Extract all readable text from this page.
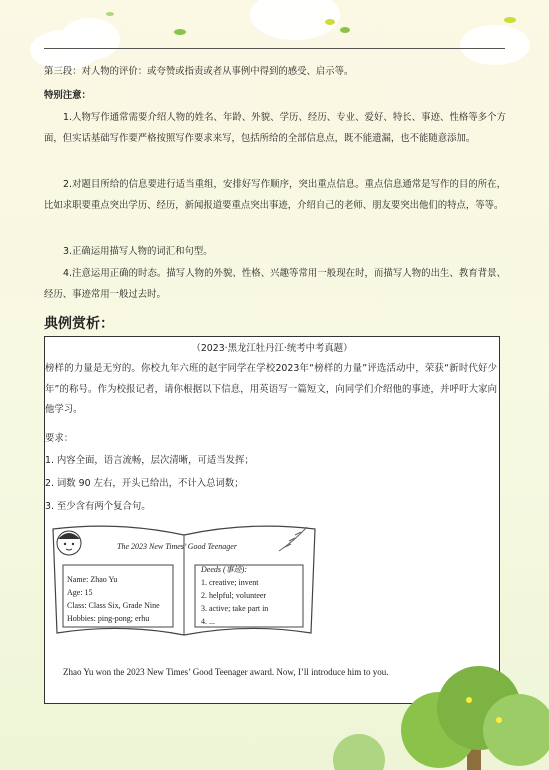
第三段：对人物的评价：或夸赞或指责或者从事例中得到的感受、启示等。
特别注意：
1.人物写作通常需要介绍人物的姓名、年龄、外貌、学历、经历、专业、爱好、特长、事迹、性格等多个方面，但实话基础写作要严格按照写作要求来写，包括所给的全部信息点，既不能遗漏，也不能随意添加。
2.对题目所给的信息要进行适当重组，安排好写作顺序，突出重点信息。重点信息通常是写作的目的所在，比如求职要重点突出学历、经历，新闻报道要重点突出事迹，介绍自己的老师、朋友要突出他们的特点，等等。
3.正确运用描写人物的词汇和句型。
4.注意运用正确的时态。描写人物的外貌、性格、兴趣等常用一般现在时，而描写人物的出生、教育背景、经历、事迹常用一般过去时。
典例赏析：
（2023·黑龙江牡丹江·统考中考真题）
榜样的力量是无穷的。你校九年六班的赵宇同学在学校2023年“榜样的力量”评选活动中，荣获“新时代好少年”的称号。作为校报记者，请你根据以下信息，用英语写一篇短文，向同学们介绍他的事迹，并呼吁大家向他学习。
要求：
1. 内容全面，语言流畅，层次清晰，可适当发挥；
2. 词数 90 左右，开头已给出，不计入总词数；
3. 至少含有两个复合句。
The 2023 New Times’ Good Teenager
Name: Zhao Yu
Age: 15
Class: Class Six, Grade Nine
Hobbies: ping-pong; erhu
Deeds (事迹):
1. creative; invent
2. helpful; volunteer
3. active; take part in
4. ...
Zhao Yu won the 2023 New Times’ Good Teenager award. Now, I’ll introduce him to you.
